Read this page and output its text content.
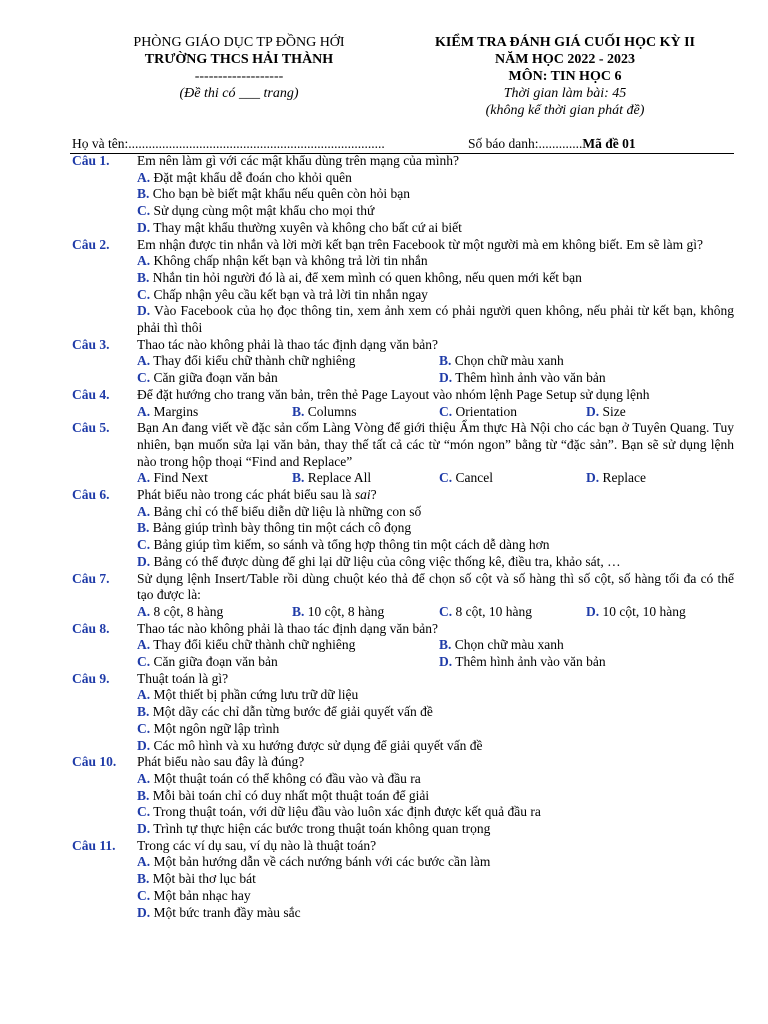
PHÒNG GIÁO DỤC TP ĐỒNG HỚI
TRƯỜNG THCS HẢI THÀNH
-------------------
(Đề thi có ___ trang)
KIỂM TRA ĐÁNH GIÁ CUỐI HỌC KỲ II
NĂM HỌC 2022 - 2023
MÔN: TIN HỌC 6
Thời gian làm bài: 45
(không kể thời gian phát đề)
Họ và tên:............................................................................	Số báo danh:.............Mã đề 01
Câu 1. Em nên làm gì với các mật khẩu dùng trên mạng của mình?
A. Đặt mật khẩu dễ đoán cho khỏi quên
B. Cho bạn bè biết mật khẩu nếu quên còn hỏi bạn
C. Sử dụng cùng một mật khẩu cho mọi thứ
D. Thay mật khẩu thường xuyên và không cho bất cứ ai biết
Câu 2. Em nhận được tin nhắn và lời mời kết bạn trên Facebook từ một người mà em không biết. Em sẽ làm gì?
A. Không chấp nhận kết bạn và không trả lời tin nhắn
B. Nhắn tin hỏi người đó là ai, để xem mình có quen không, nếu quen mới kết bạn
C. Chấp nhận yêu cầu kết bạn và trả lời tin nhắn ngay
D. Vào Facebook của họ đọc thông tin, xem ảnh xem có phải người quen không, nếu phải từ kết bạn, không phải thì thôi
Câu 3. Thao tác nào không phải là thao tác định dạng văn bản?
A. Thay đổi kiểu chữ thành chữ nghiêng	B. Chọn chữ màu xanh
C. Căn giữa đoạn văn bản	D. Thêm hình ảnh vào văn bản
Câu 4. Để đặt hướng cho trang văn bản, trên thẻ Page Layout vào nhóm lệnh Page Setup sử dụng lệnh
A. Margins	B. Columns	C. Orientation	D. Size
Câu 5. Bạn An đang viết về đặc sản cốm Làng Vòng để giới thiệu Ẩm thực Hà Nội cho các bạn ở Tuyên Quang. Tuy nhiên, bạn muốn sửa lại văn bản, thay thế tất cả các từ “món ngon” bằng từ “đặc sản”. Bạn sẽ sử dụng lệnh nào trong hộp thoại “Find and Replace”
A. Find Next	B. Replace All	C. Cancel	D. Replace
Câu 6. Phát biểu nào trong các phát biểu sau là sai?
A. Bảng chỉ có thể biểu diễn dữ liệu là những con số
B. Bảng giúp trình bày thông tin một cách cô đọng
C. Bảng giúp tìm kiếm, so sánh và tổng hợp thông tin một cách dễ dàng hơn
D. Bảng có thể được dùng để ghi lại dữ liệu của công việc thống kê, điều tra, khảo sát, …
Câu 7. Sử dụng lệnh Insert/Table rồi dùng chuột kéo thả để chọn số cột và số hàng thì số cột, số hàng tối đa có thể tạo được là:
A. 8 cột, 8 hàng	B. 10 cột, 8 hàng	C. 8 cột, 10 hàng	D. 10 cột, 10 hàng
Câu 8. Thao tác nào không phải là thao tác định dạng văn bản?
A. Thay đổi kiểu chữ thành chữ nghiêng	B. Chọn chữ màu xanh
C. Căn giữa đoạn văn bản	D. Thêm hình ảnh vào văn bản
Câu 9. Thuật toán là gì?
A. Một thiết bị phần cứng lưu trữ dữ liệu
B. Một dãy các chỉ dẫn từng bước để giải quyết vấn đề
C. Một ngôn ngữ lập trình
D. Các mô hình và xu hướng được sử dụng để giải quyết vấn đề
Câu 10. Phát biểu nào sau đây là đúng?
A. Một thuật toán có thể không có đầu vào và đầu ra
B. Mỗi bài toán chỉ có duy nhất một thuật toán để giải
C. Trong thuật toán, với dữ liệu đầu vào luôn xác định được kết quả đầu ra
D. Trình tự thực hiện các bước trong thuật toán không quan trọng
Câu 11. Trong các ví dụ sau, ví dụ nào là thuật toán?
A. Một bản hướng dẫn về cách nướng bánh với các bước cần làm
B. Một bài thơ lục bát
C. Một bản nhạc hay
D. Một bức tranh đầy màu sắc
